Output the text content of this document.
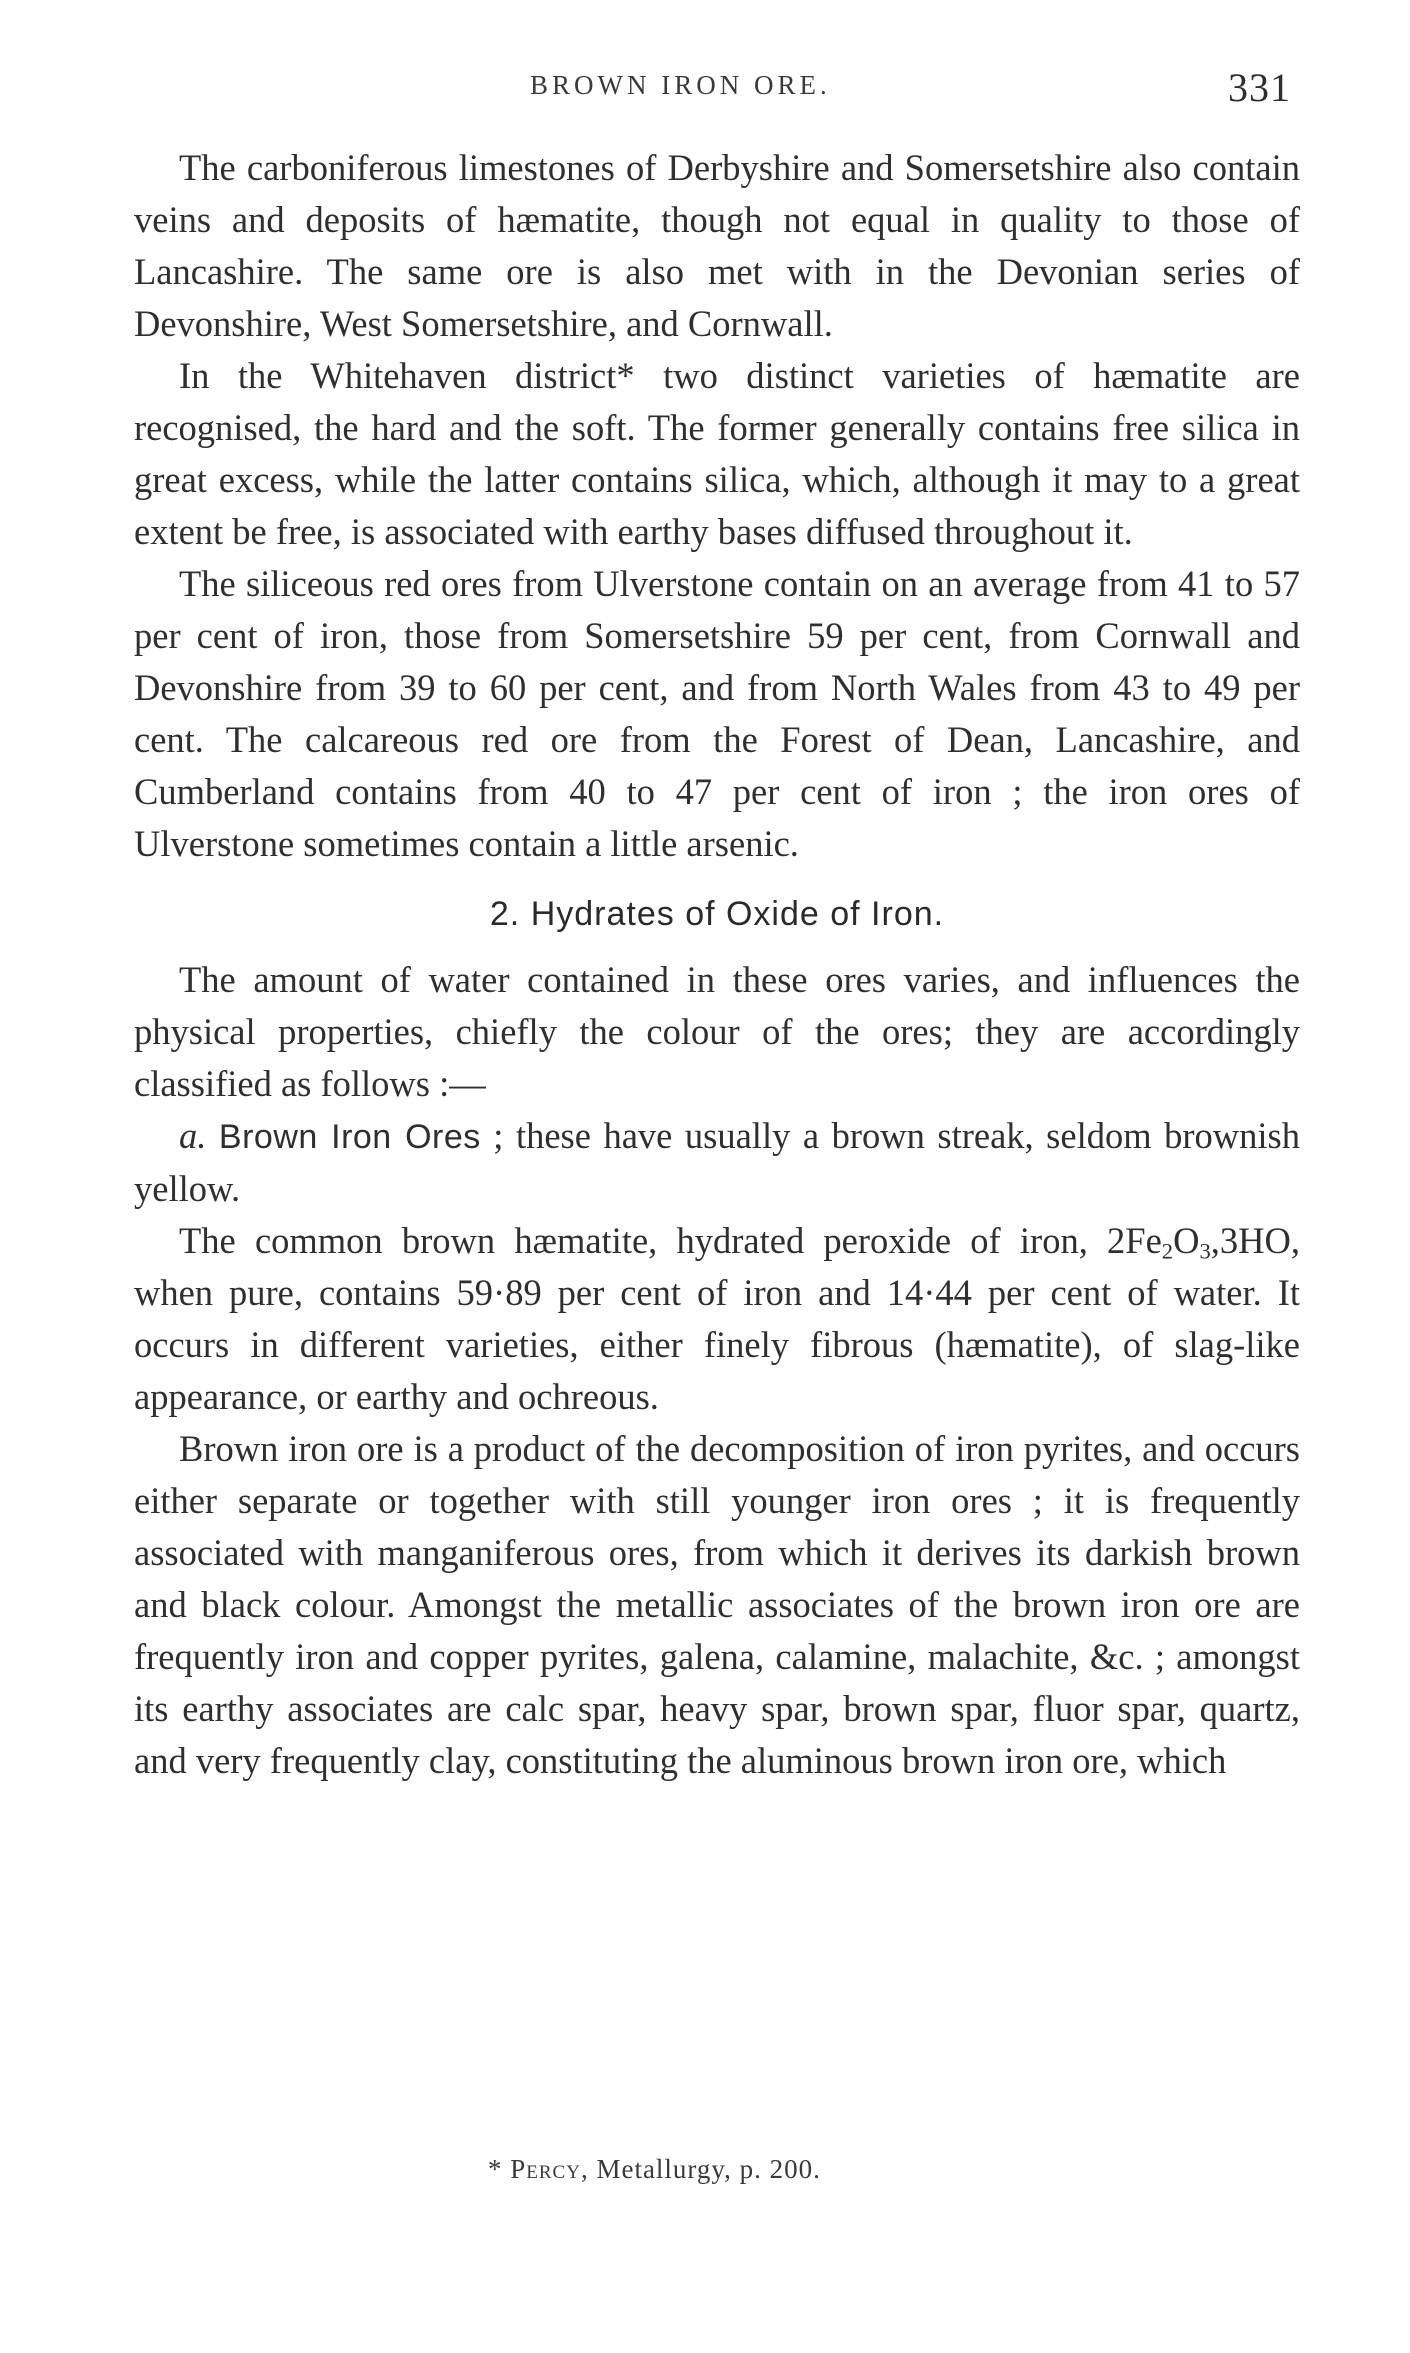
BROWN IRON ORE.	331

The carboniferous limestones of Derbyshire and Somersetshire also contain veins and deposits of hæmatite, though not equal in quality to those of Lancashire. The same ore is also met with in the Devonian series of Devonshire, West Somersetshire, and Cornwall.

In the Whitehaven district* two distinct varieties of hæmatite are recognised, the hard and the soft. The former generally contains free silica in great excess, while the latter contains silica, which, although it may to a great extent be free, is associated with earthy bases diffused throughout it.

The siliceous red ores from Ulverstone contain on an average from 41 to 57 per cent of iron, those from Somersetshire 59 per cent, from Cornwall and Devonshire from 39 to 60 per cent, and from North Wales from 43 to 49 per cent. The calcareous red ore from the Forest of Dean, Lancashire, and Cumberland contains from 40 to 47 per cent of iron ; the iron ores of Ulverstone sometimes contain a little arsenic.

2. Hydrates of Oxide of Iron.

The amount of water contained in these ores varies, and influences the physical properties, chiefly the colour of the ores; they are accordingly classified as follows :—

a. Brown Iron Ores ; these have usually a brown streak, seldom brownish yellow.

The common brown hæmatite, hydrated peroxide of iron, $2Fe_2O_3,3HO$, when pure, contains 59·89 per cent of iron and 14·44 per cent of water. It occurs in different varieties, either finely fibrous (hæmatite), of slag-like appearance, or earthy and ochreous.

Brown iron ore is a product of the decomposition of iron pyrites, and occurs either separate or together with still younger iron ores ; it is frequently associated with manganiferous ores, from which it derives its darkish brown and black colour. Amongst the metallic associates of the brown iron ore are frequently iron and copper pyrites, galena, calamine, malachite, &c. ; amongst its earthy associates are calc spar, heavy spar, brown spar, fluor spar, quartz, and very frequently clay, constituting the aluminous brown iron ore, which

* Percy, Metallurgy, p. 200.
